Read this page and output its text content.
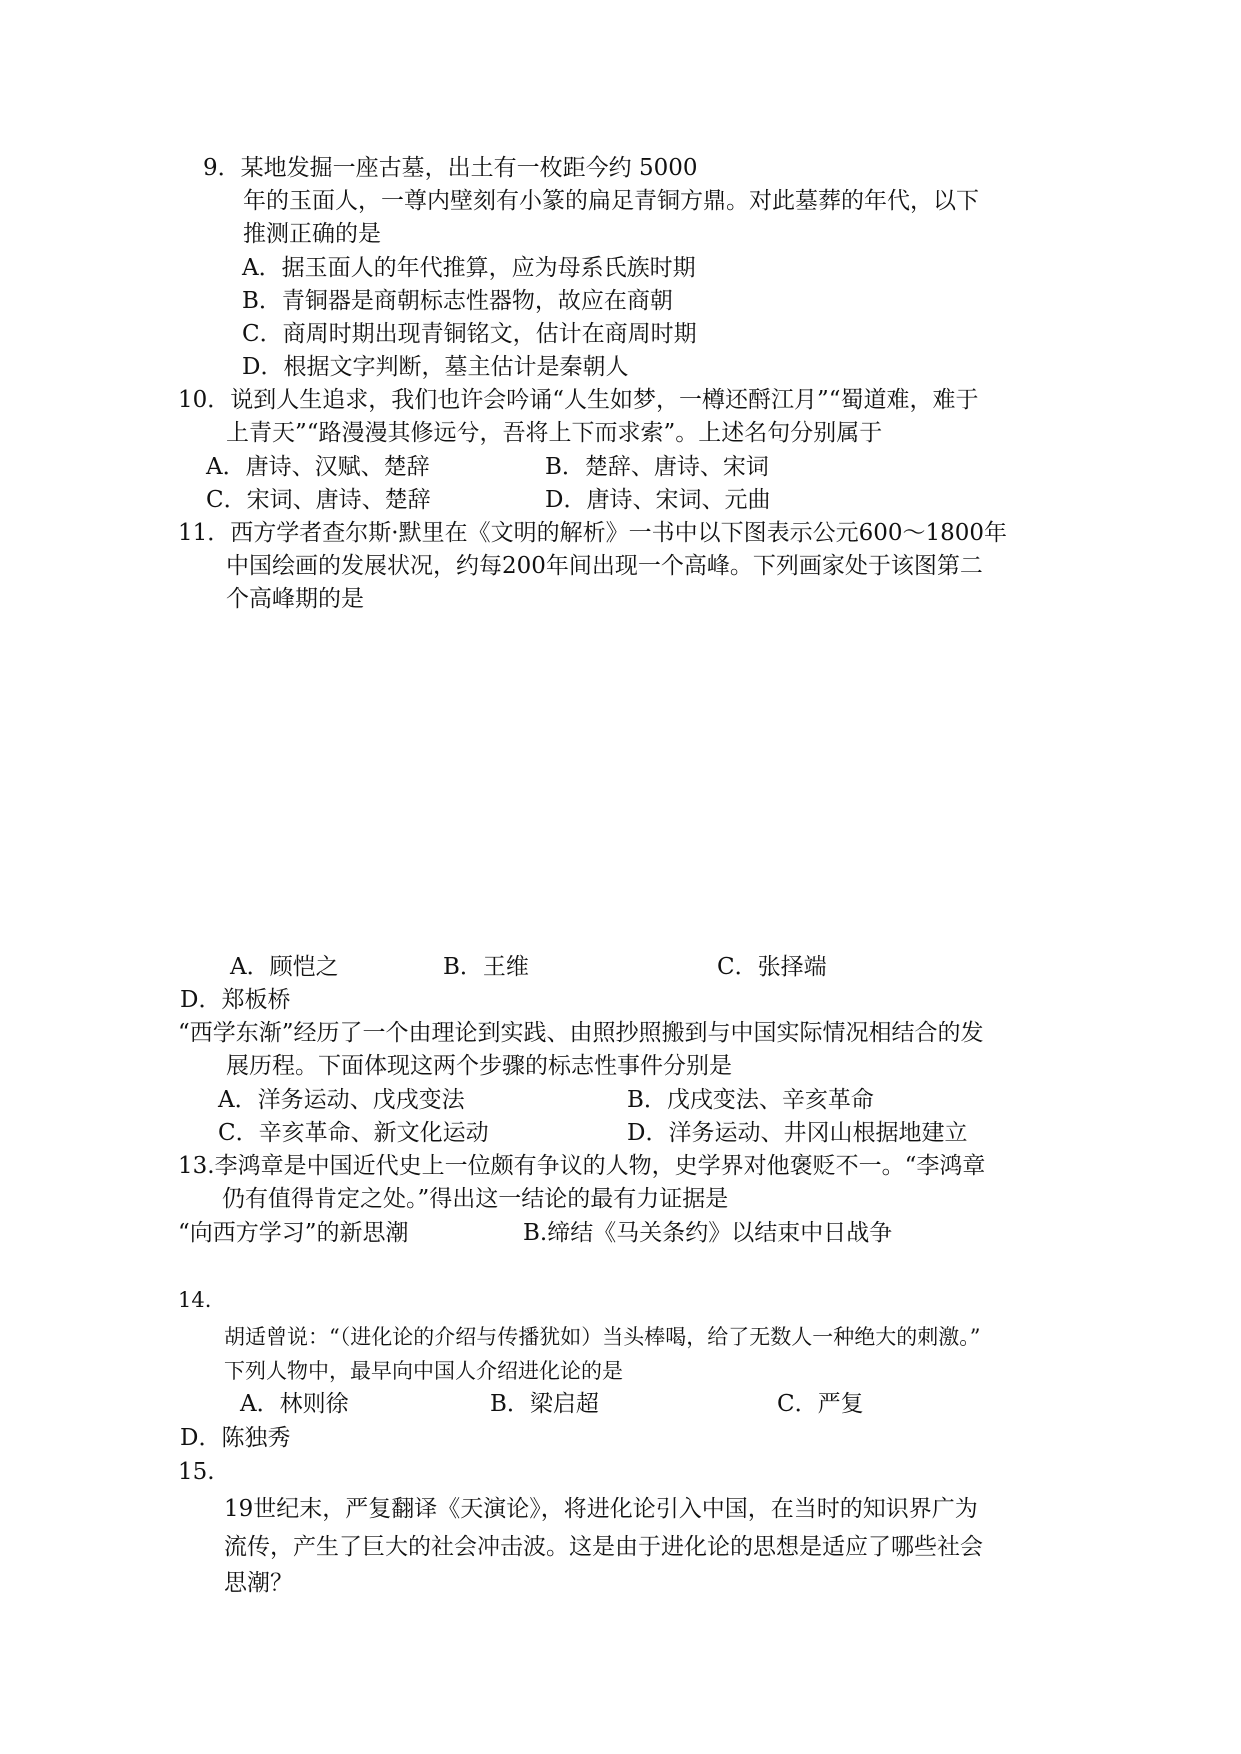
9．某地发掘一座古墓，出土有一枚距今约 5000
年的玉面人，一尊内壁刻有小篆的扁足青铜方鼎。对此墓葬的年代，以下
推测正确的是
A．据玉面人的年代推算，应为母系氏族时期
B．青铜器是商朝标志性器物，故应在商朝
C．商周时期出现青铜铭文，估计在商周时期
D．根据文字判断，墓主估计是秦朝人
10．说到人生追求，我们也许会吟诵“人生如梦，一樽还酹江月”“蜀道难，难于
上青天”“路漫漫其修远兮，吾将上下而求索”。上述名句分别属于
A．唐诗、汉赋、楚辞	B．楚辞、唐诗、宋词
C．宋词、唐诗、楚辞	D．唐诗、宋词、元曲
11．西方学者查尔斯·默里在《文明的解析》一书中以下图表示公元600～1800年
中国绘画的发展状况，约每200年间出现一个高峰。下列画家处于该图第二
个高峰期的是
A．顾恺之	B．王维	C．张择端
D．郑板桥
“西学东渐”经历了一个由理论到实践、由照抄照搬到与中国实际情况相结合的发
展历程。下面体现这两个步骤的标志性事件分别是
A．洋务运动、戊戌变法	B．戊戌变法、辛亥革命
C．辛亥革命、新文化运动	D．洋务运动、井冈山根据地建立
13.李鸿章是中国近代史上一位颇有争议的人物，史学界对他褒贬不一。“李鸿章
仍有值得肯定之处。”得出这一结论的最有力证据是
“向西方学习”的新思潮	B.缔结《马关条约》以结束中日战争
14.
胡适曾说：“（进化论的介绍与传播犹如）当头棒喝，给了无数人一种绝大的刺激。”
下列人物中，最早向中国人介绍进化论的是
A．林则徐	B．梁启超	C．严复
D．陈独秀
15.
19世纪末，严复翻译《天演论》，将进化论引入中国，在当时的知识界广为
流传，产生了巨大的社会冲击波。这是由于进化论的思想是适应了哪些社会
思潮？
